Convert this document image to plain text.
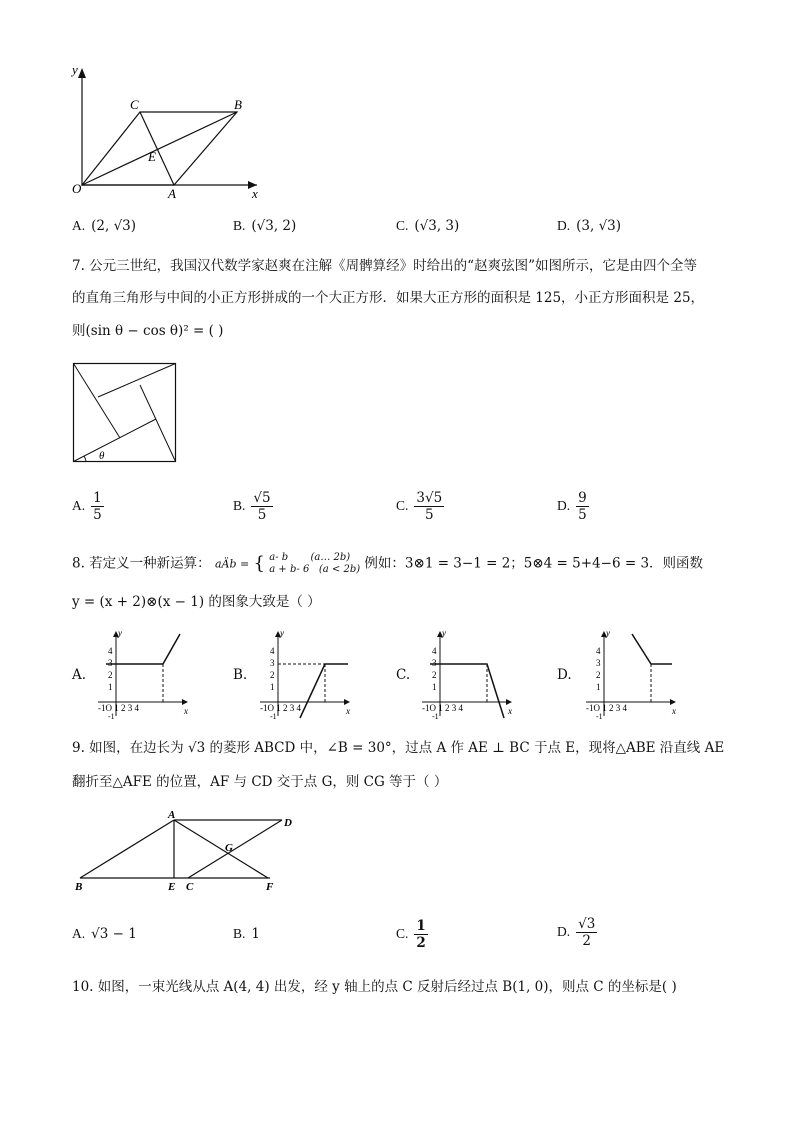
y
x
O	A
B
C
E
A. (2, √3)	B. (√3, 2)	C. (√3, 3)	D. (3, √3)
7. 公元三世纪，我国汉代数学家赵爽在注解《周髀算经》时给出的“赵爽弦图”如图所示，它是由四个全等
的直角三角形与中间的小正方形拼成的一个大正方形．如果大正方形的面积是 125，小正方形面积是 25，
则(sin θ − cos θ)² = ( )
θ
A. $\frac{1}{5}$	B. $\frac{√5}{5}$	C. $\frac{3√5}{5}$	D. $\frac{9}{5}$
8. 若定义一种新运算： aÄb = { a- b (a… 2b)
a + b- 6 (a < 2b) 例如：3⊗1 = 3−1 = 2；5⊗4 = 5+4−6 = 3．则函数
y = (x + 2)⊗(x − 1) 的图象大致是（ ）
A.	B.	C.	D.
y
x
4
3
2
1
-1O 1 2 3 4
-1
y
x
4
3
2
1
-1O 1 2 3 4
-1
y
x
4
3
2
1
-1O 1 2 3 4
-1
y
x
4
3
2
1
-1O 1 2 3 4
-1
9. 如图，在边长为 √3 的菱形 ABCD 中，∠B = 30°，过点 A 作 AE ⊥ BC 于点 E，现将△ABE 沿直线 AE
翻折至△AFE 的位置，AF 与 CD 交于点 G，则 CG 等于（ ）
A
B	C
D
E	F
G
A. √3 − 1	B. 1	C. $\frac{1}{2}$	D. $\frac{√3}{2}$
10. 如图，一束光线从点 A(4, 4) 出发，经 y 轴上的点 C 反射后经过点 B(1, 0)，则点 C 的坐标是( )
